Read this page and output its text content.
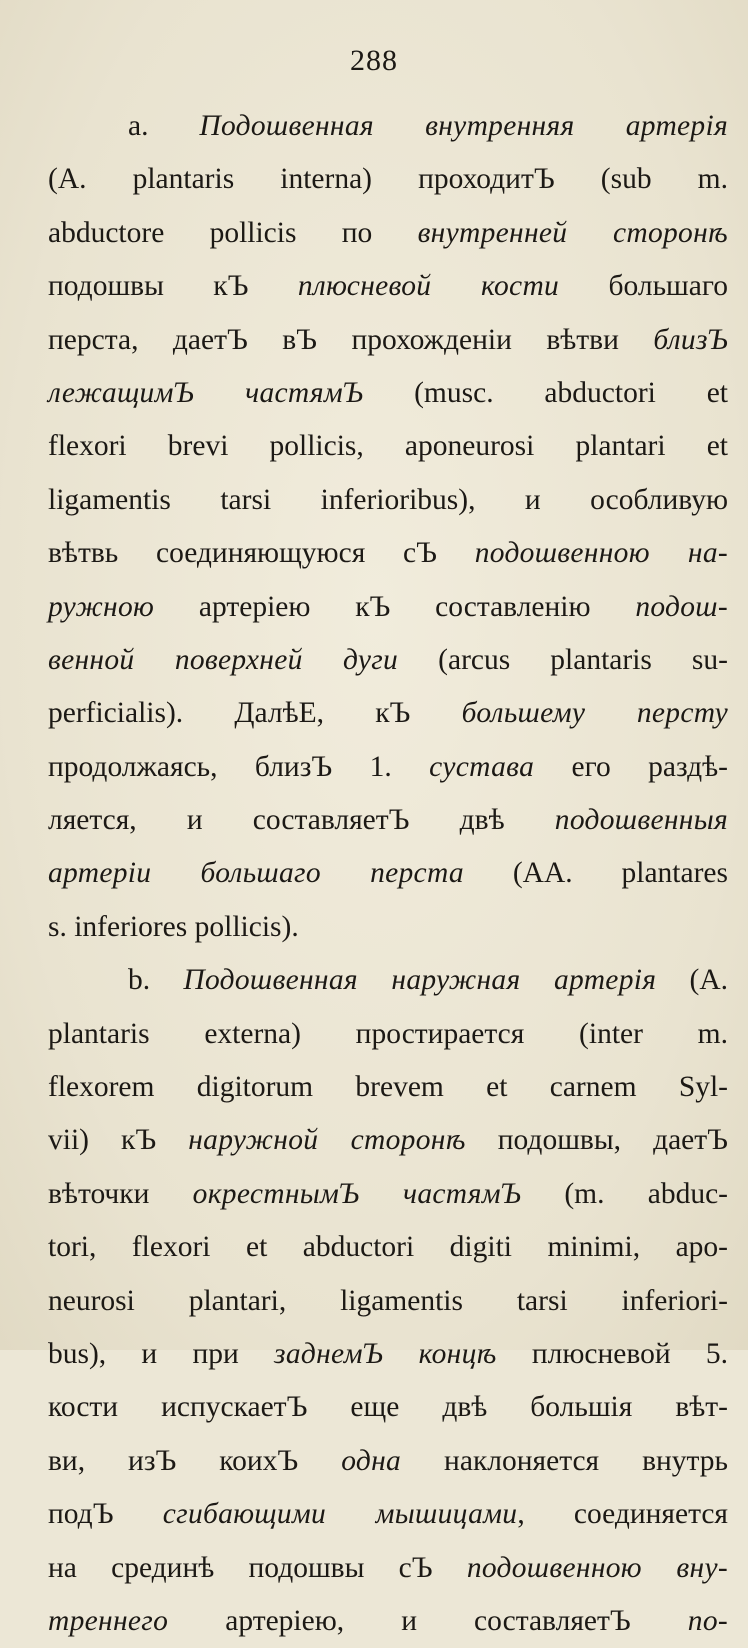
288
a. Подошвенная внутренняя артерія
(A. plantaris interna) проходитЪ (sub m.
abductore pollicis по внутренней сторонѣ
подошвы кЪ плюсневой кости большаго
перста, даетЪ вЪ прохожденіи вѣтви близЪ
лежащимЪ частямЪ (musc. abductori et
flexori brevi pollicis, aponeurosi plantari et
ligamentis tarsi inferioribus), и особливую
вѣтвь соединяющуюся сЪ подошвенною на-
ружною артеріею кЪ составленію подош-
венной поверхней дуги (arcus plantaris su-
perficialis). ДалѣЕ, кЪ большему персту
продолжаясь, близЪ 1. сустава его раздѣ-
ляется, и составляетЪ двѣ подошвенныя
артеріи большаго перста (AA. plantares
s. inferiores pollicis).
b. Подошвенная наружная артерія (A.
plantaris externa) простирается (inter m.
flexorem digitorum brevem et carnem Syl-
vii) кЪ наружной сторонѣ подошвы, даетЪ
вѣточки окрестнымЪ частямЪ (m. abduc-
tori, flexori et abductori digiti minimi, apo-
neurosi plantari, ligamentis tarsi inferiori-
bus), и при заднемЪ концѣ плюсневой 5.
кости испускаетЪ еще двѣ большія вѣт-
ви, изЪ коихЪ одна наклоняется внутрь
подЪ сгибающими мышицами, соединяется
на срединѣ подошвы сЪ подошвенною вну-
треннего артеріею, и составляетЪ по-
